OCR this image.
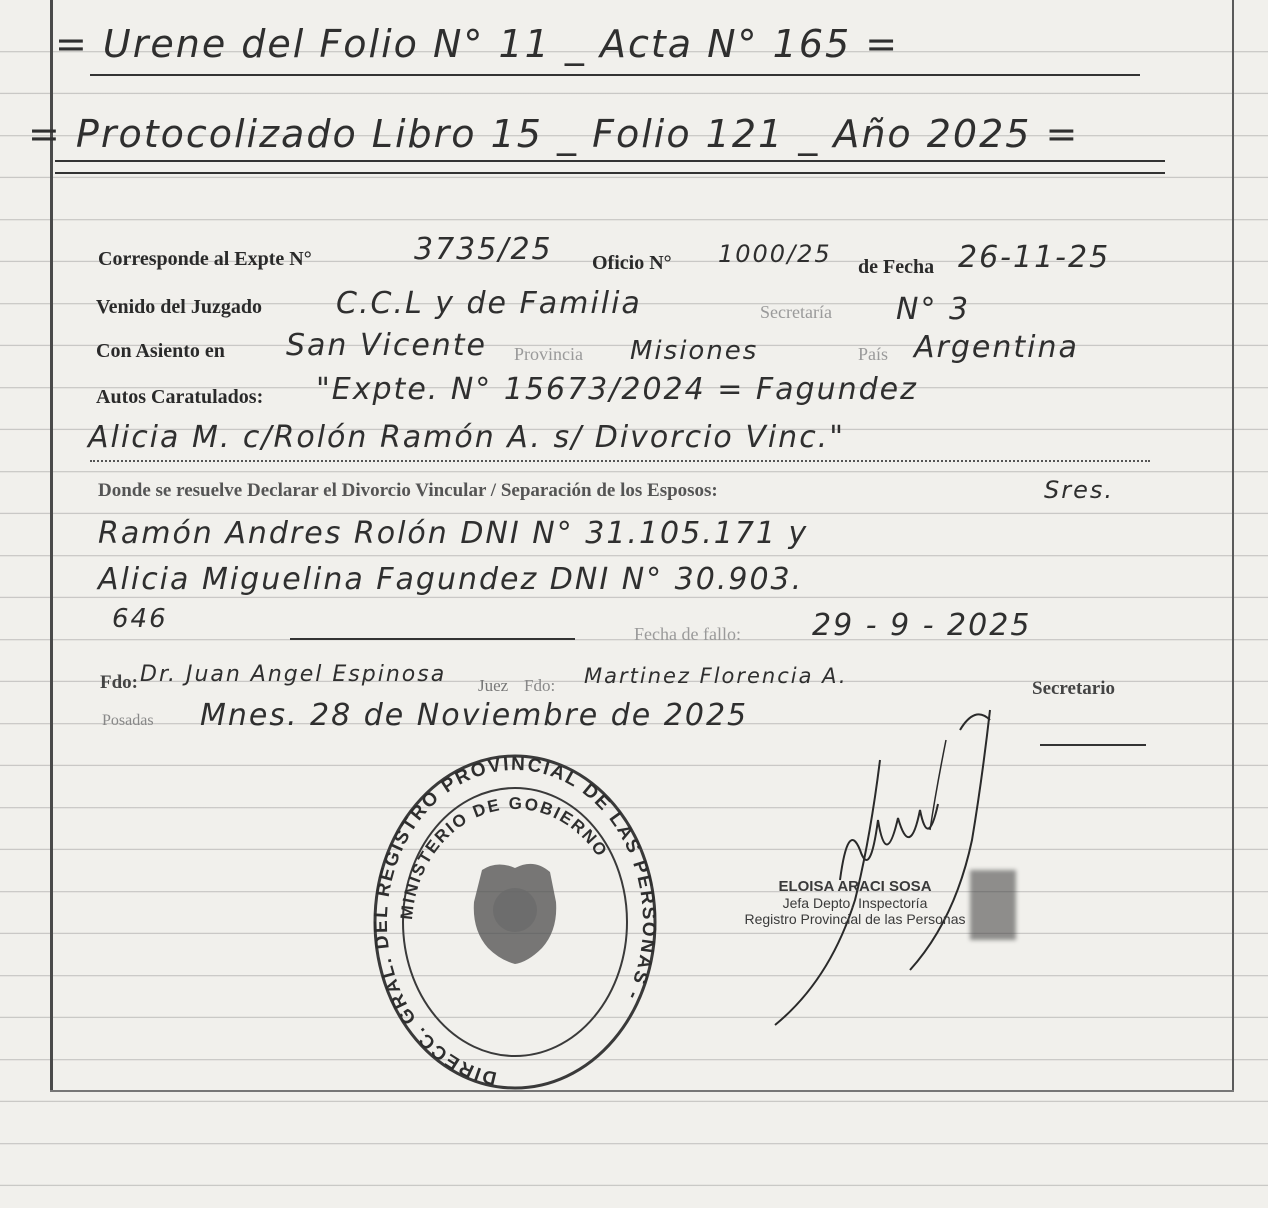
= Urene del Folio N° 11 _ Acta N° 165 =
= Protocolizado Libro 15 _ Folio 121 _ Año 2025 =
Corresponde al Expte N°	3735/25 Oficio N° 1000/25 de Fecha 26-11-25
Venido del Juzgado C.C.L y de Familia	Secretaría N° 3
Con Asiento en San Vicente Provincia Misiones	País Argentina
Autos Caratulados: "Expte. N° 15673/2024 = Fagundez
Alicia M. c/Rolón Ramón A. s/ Divorcio Vinc."
Donde se resuelve Declarar el Divorcio Vincular / Separación de los Esposos:	Sres.
Ramón Andres Rolón DNI N° 31.105.171 y
Alicia Miguelina Fagundez DNI N° 30.903.
646	Fecha de fallo: 29 - 9 - 2025
Fdo: Dr. Juan Angel Espinosa Juez Fdo: Martinez Florencia A.
Secretario
Posadas Mnes. 28 de Noviembre de 2025
DIRECC. GRAL. DEL REGISTRO PROVINCIAL DE LAS PERSONAS -
MINISTERIO DE GOBIERNO
ELOISA ARACI SOSA
Jefa Depto. Inspectoría
Registro Provincial de las Personas
